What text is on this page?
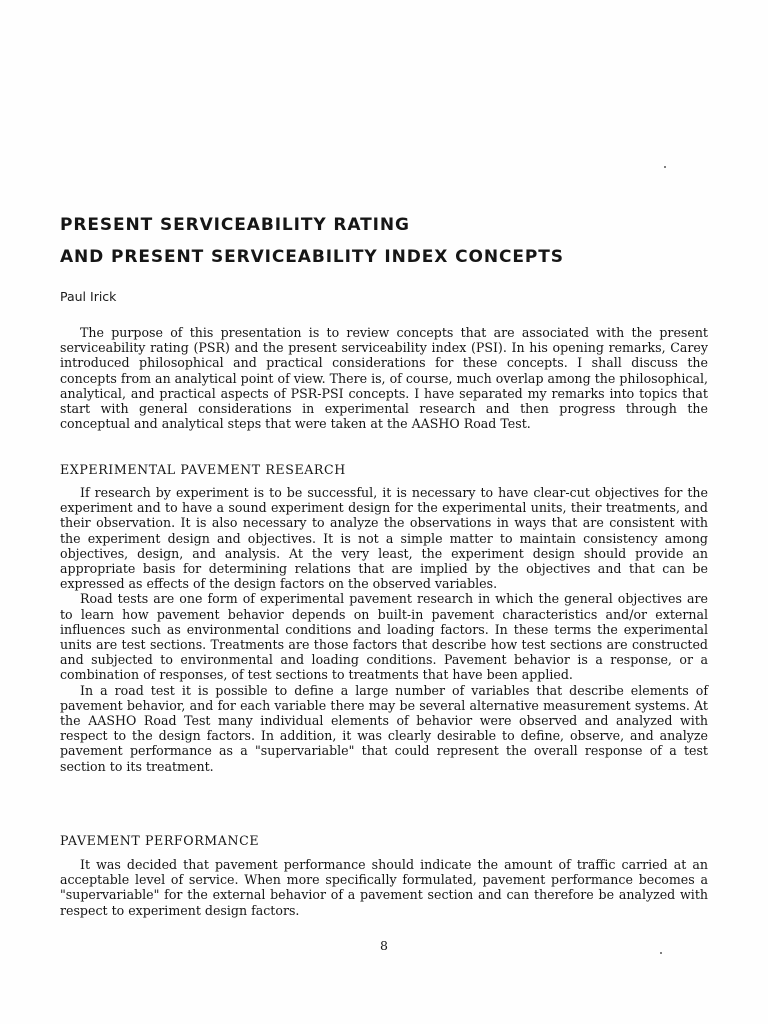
PRESENT SERVICEABILITY RATING
AND PRESENT SERVICEABILITY INDEX CONCEPTS
Paul Irick

The purpose of this presentation is to review concepts that are associated with the present serviceability rating (PSR) and the present serviceability index (PSI). In his opening remarks, Carey introduced philosophical and practical considerations for these concepts. I shall discuss the concepts from an analytical point of view. There is, of course, much overlap among the philosophical, analytical, and practical aspects of PSR-PSI concepts. I have separated my remarks into topics that start with general considerations in experimental research and then progress through the conceptual and analytical steps that were taken at the AASHO Road Test.

EXPERIMENTAL PAVEMENT RESEARCH

If research by experiment is to be successful, it is necessary to have clear-cut objectives for the experiment and to have a sound experiment design for the experimental units, their treatments, and their observation. It is also necessary to analyze the observations in ways that are consistent with the experiment design and objectives. It is not a simple matter to maintain consistency among objectives, design, and analysis. At the very least, the experiment design should provide an appropriate basis for determining relations that are implied by the objectives and that can be expressed as effects of the design factors on the observed variables.

Road tests are one form of experimental pavement research in which the general objectives are to learn how pavement behavior depends on built-in pavement characteristics and/or external influences such as environmental conditions and loading factors. In these terms the experimental units are test sections. Treatments are those factors that describe how test sections are constructed and subjected to environmental and loading conditions. Pavement behavior is a response, or a combination of responses, of test sections to treatments that have been applied.

In a road test it is possible to define a large number of variables that describe elements of pavement behavior, and for each variable there may be several alternative measurement systems. At the AASHO Road Test many individual elements of behavior were observed and analyzed with respect to the design factors. In addition, it was clearly desirable to define, observe, and analyze pavement performance as a "supervariable" that could represent the overall response of a test section to its treatment.

PAVEMENT PERFORMANCE

It was decided that pavement performance should indicate the amount of traffic carried at an acceptable level of service. When more specifically formulated, pavement performance becomes a "supervariable" for the external behavior of a pavement section and can therefore be analyzed with respect to experiment design factors.

8
